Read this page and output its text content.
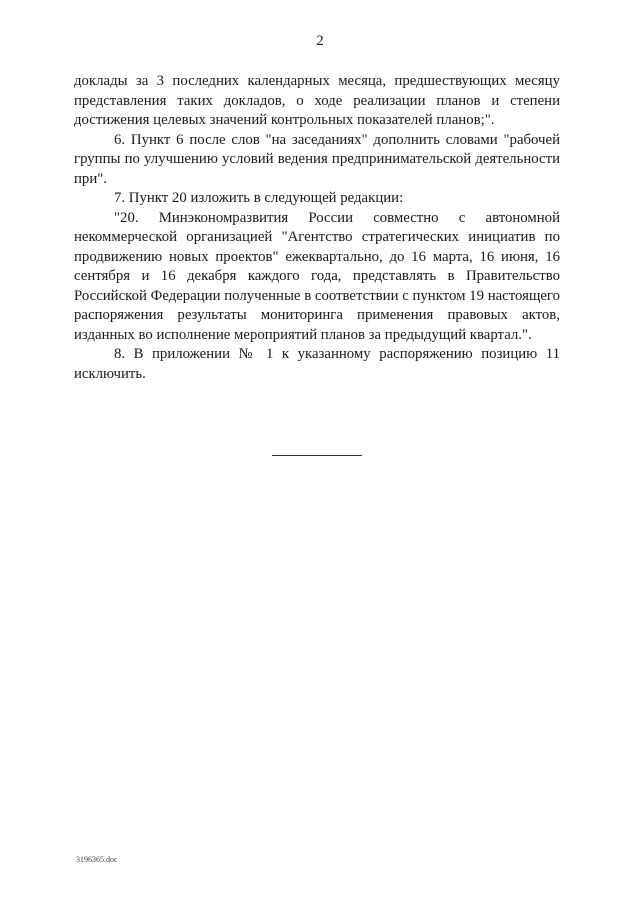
2

доклады за 3 последних календарных месяца, предшествующих месяцу представления таких докладов, о ходе реализации планов и степени достижения целевых значений контрольных показателей планов;".

6. Пункт 6 после слов "на заседаниях" дополнить словами "рабочей группы по улучшению условий ведения предпринимательской деятельности при".

7. Пункт 20 изложить в следующей редакции:

"20. Минэкономразвития России совместно с автономной некоммерческой организацией "Агентство стратегических инициатив по продвижению новых проектов" ежеквартально, до 16 марта, 16 июня, 16 сентября и 16 декабря каждого года, представлять в Правительство Российской Федерации полученные в соответствии с пунктом 19 настоящего распоряжения результаты мониторинга применения правовых актов, изданных во исполнение мероприятий планов за предыдущий квартал.".

8. В приложении № 1 к указанному распоряжению позицию 11 исключить.

3196365.doc
